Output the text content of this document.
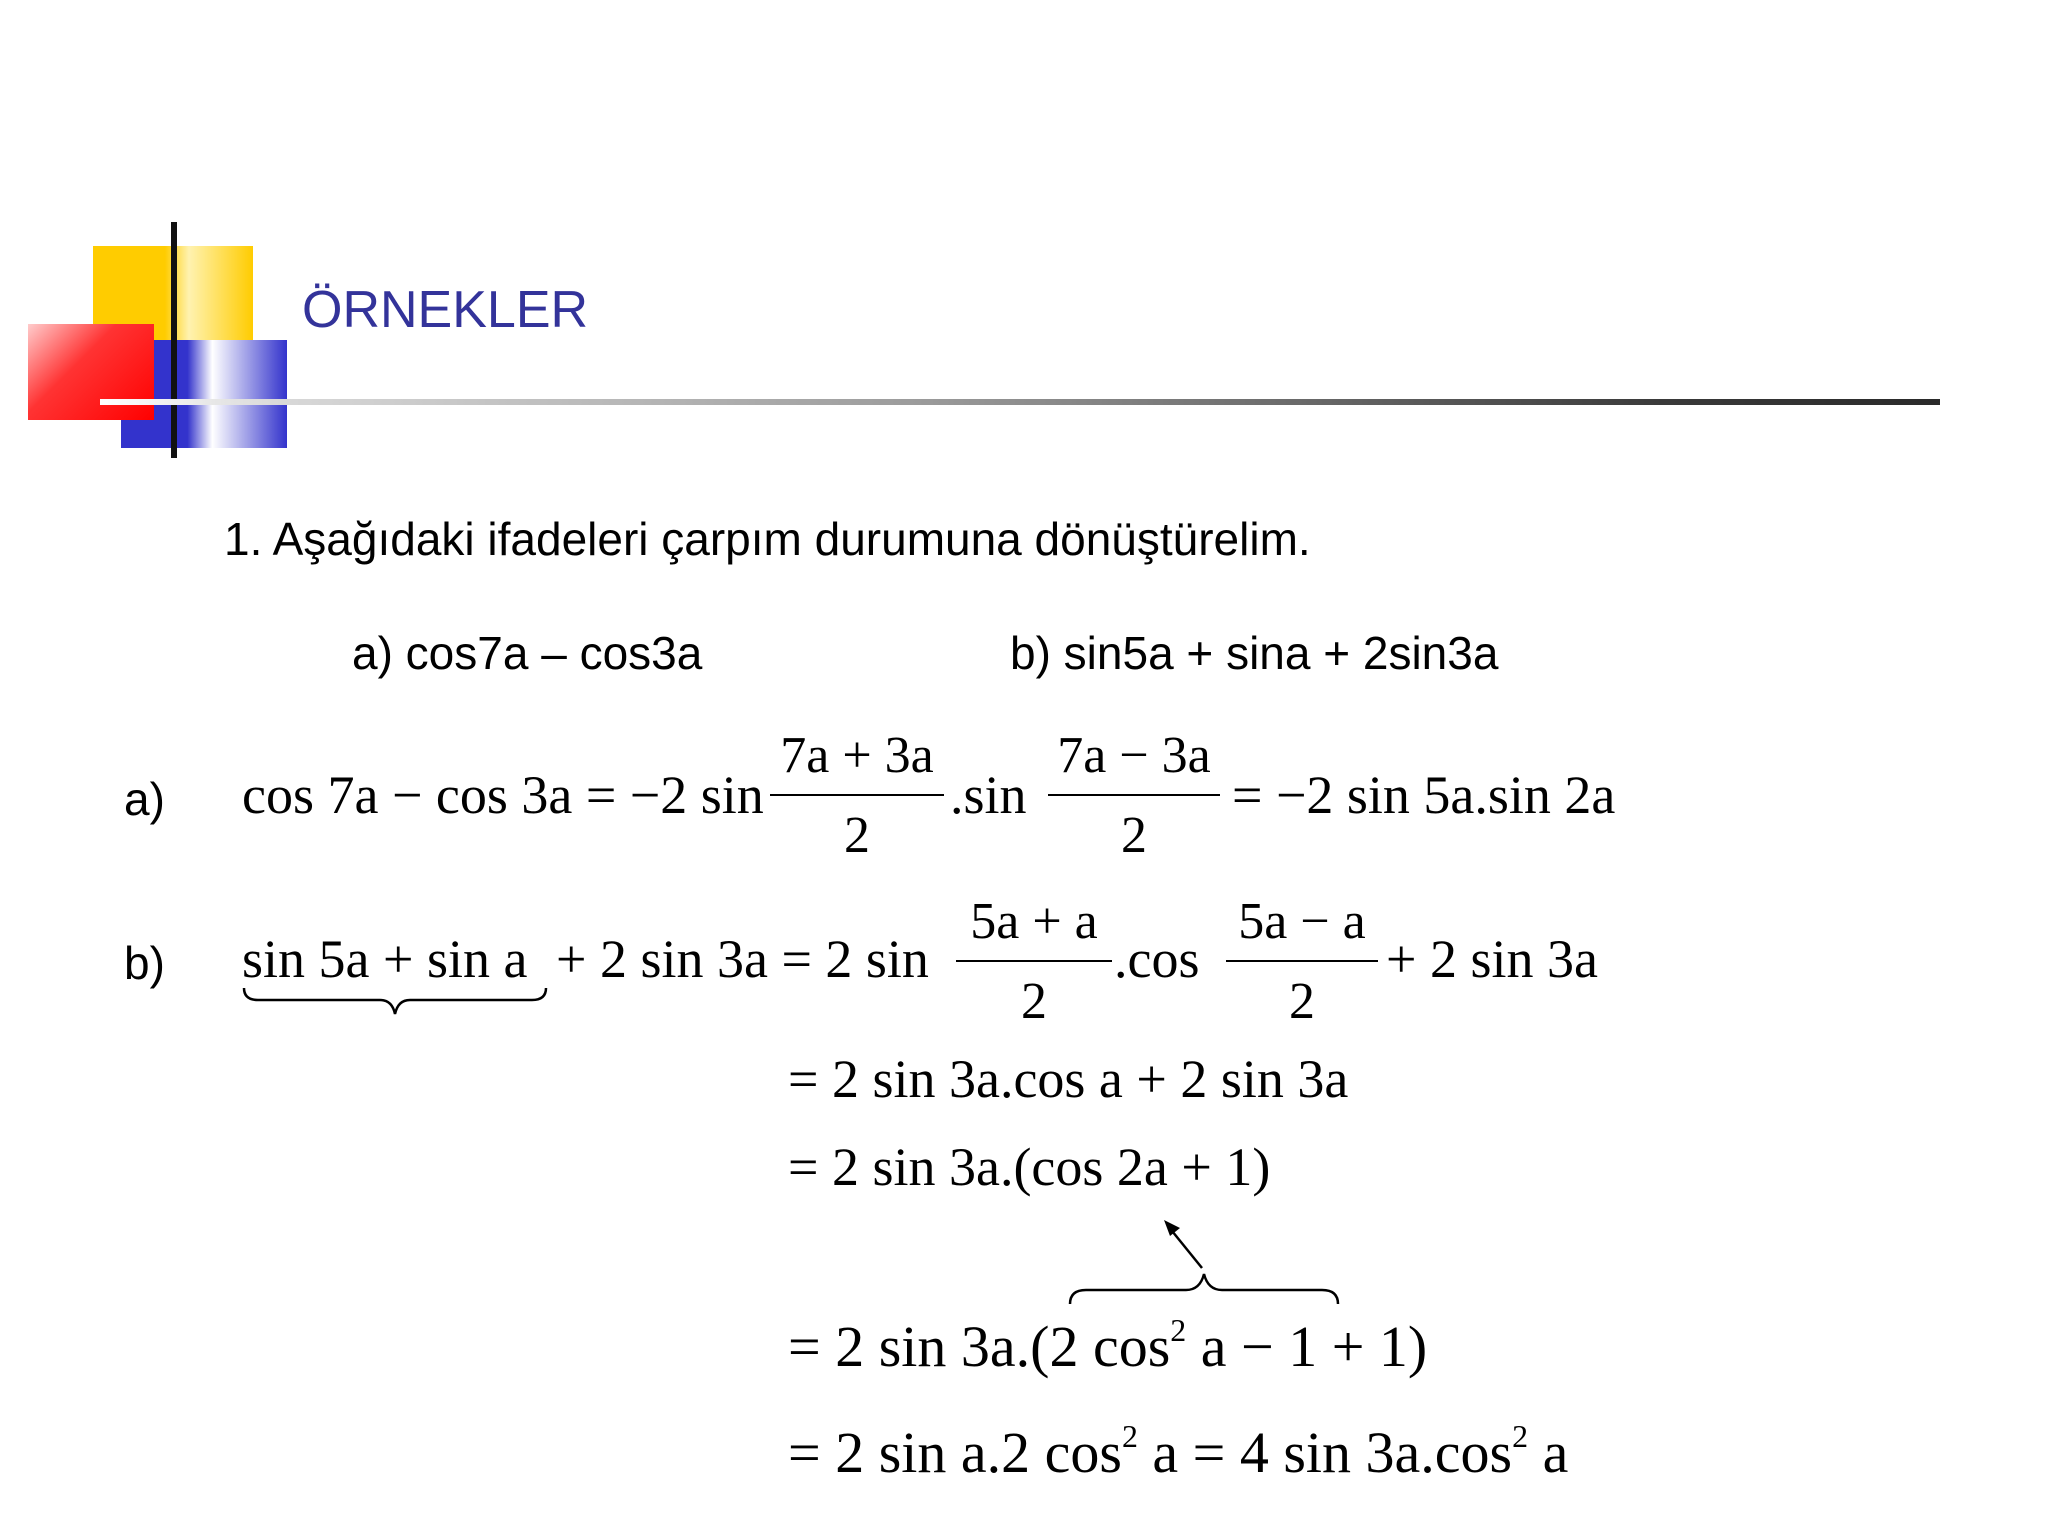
ÖRNEKLER
1. Aşağıdaki ifadeleri çarpım durumuna dönüştürelim.
a) cos7a – cos3a	b) sin5a + sina + 2sin3a
a) cos 7a − cos 3a = −2 sin
7a + 3a
2
.sin
7a − 3a
2
= −2 sin 5a.sin 2a
b) sin 5a + sin a + 2 sin 3a = 2 sin
5a + a
2
.cos
5a − a
2
+ 2 sin 3a
= 2 sin 3a.cos a + 2 sin 3a
= 2 sin 3a.(cos 2a + 1)
= 2 sin 3a.(2 $\cos^2 a - 1 + 1$)
= 2 sin a.2 $\cos^2 a = 4$ $\sin 3a.\cos^2$ a
